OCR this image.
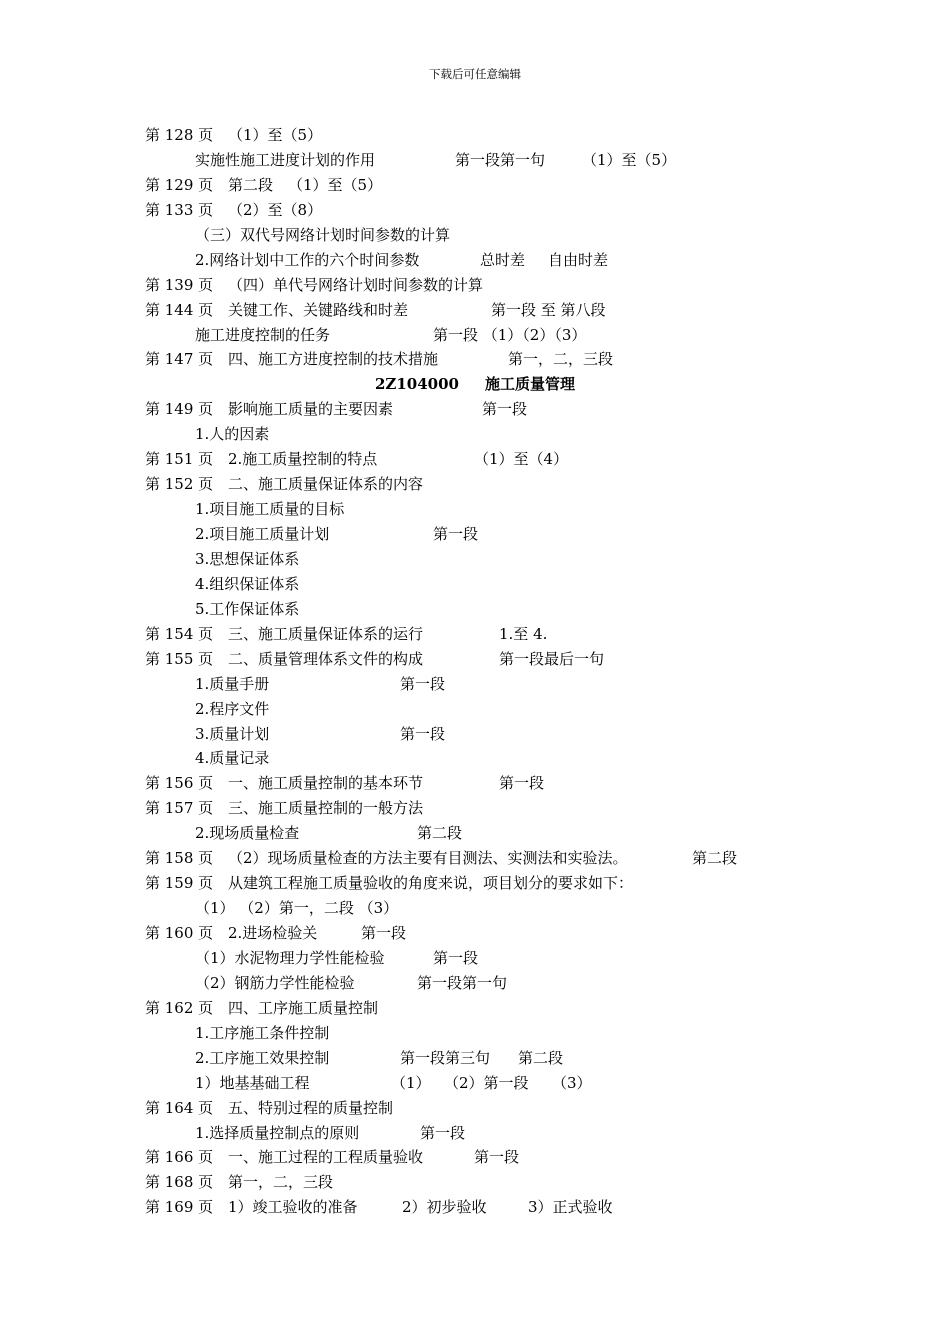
下载后可任意编辑
第 128 页 （1）至（5）
实施性施工进度计划的作用	第一段第一句 （1）至（5）
第 129 页 第二段 （1）至（5）
第 133 页 （2）至（8）
（三）双代号网络计划时间参数的计算
2.网络计划中工作的六个时间参数	总时差 自由时差
第 139 页 （四）单代号网络计划时间参数的计算
第 144 页 关键工作、关键路线和时差	第一段 至 第八段
施工进度控制的任务	第一段 （1）（2）（3）
第 147 页 四、施工方进度控制的技术措施	第一，二，三段
2Z104000     施工质量管理
第 149 页 影响施工质量的主要因素	第一段
1.人的因素
第 151 页 2.施工质量控制的特点	（1）至（4）
第 152 页 二、施工质量保证体系的内容
1.项目施工质量的目标
2.项目施工质量计划	第一段
3.思想保证体系
4.组织保证体系
5.工作保证体系
第 154 页 三、施工质量保证体系的运行	1.至 4.
第 155 页 二、质量管理体系文件的构成	第一段最后一句
1.质量手册	第一段
2.程序文件
3.质量计划	第一段
4.质量记录
第 156 页 一、施工质量控制的基本环节	第一段
第 157 页 三、施工质量控制的一般方法
2.现场质量检查	第二段
第 158 页 （2）现场质量检查的方法主要有目测法、实测法和实验法。	第二段
第 159 页 从建筑工程施工质量验收的角度来说，项目划分的要求如下：
（1） （2）第一，二段 （3）
第 160 页 2.进场检验关	第一段
（1）水泥物理力学性能检验	第一段
（2）钢筋力学性能检验	第一段第一句
第 162 页 四、工序施工质量控制
1.工序施工条件控制
2.工序施工效果控制	第一段第三句 第二段
1）地基基础工程	（1） （2）第一段 （3）
第 164 页 五、特别过程的质量控制
1.选择质量控制点的原则	第一段
第 166 页 一、施工过程的工程质量验收	第一段
第 168 页 第一，二，三段
第 169 页 1）竣工验收的准备	2）初步验收	3）正式验收
